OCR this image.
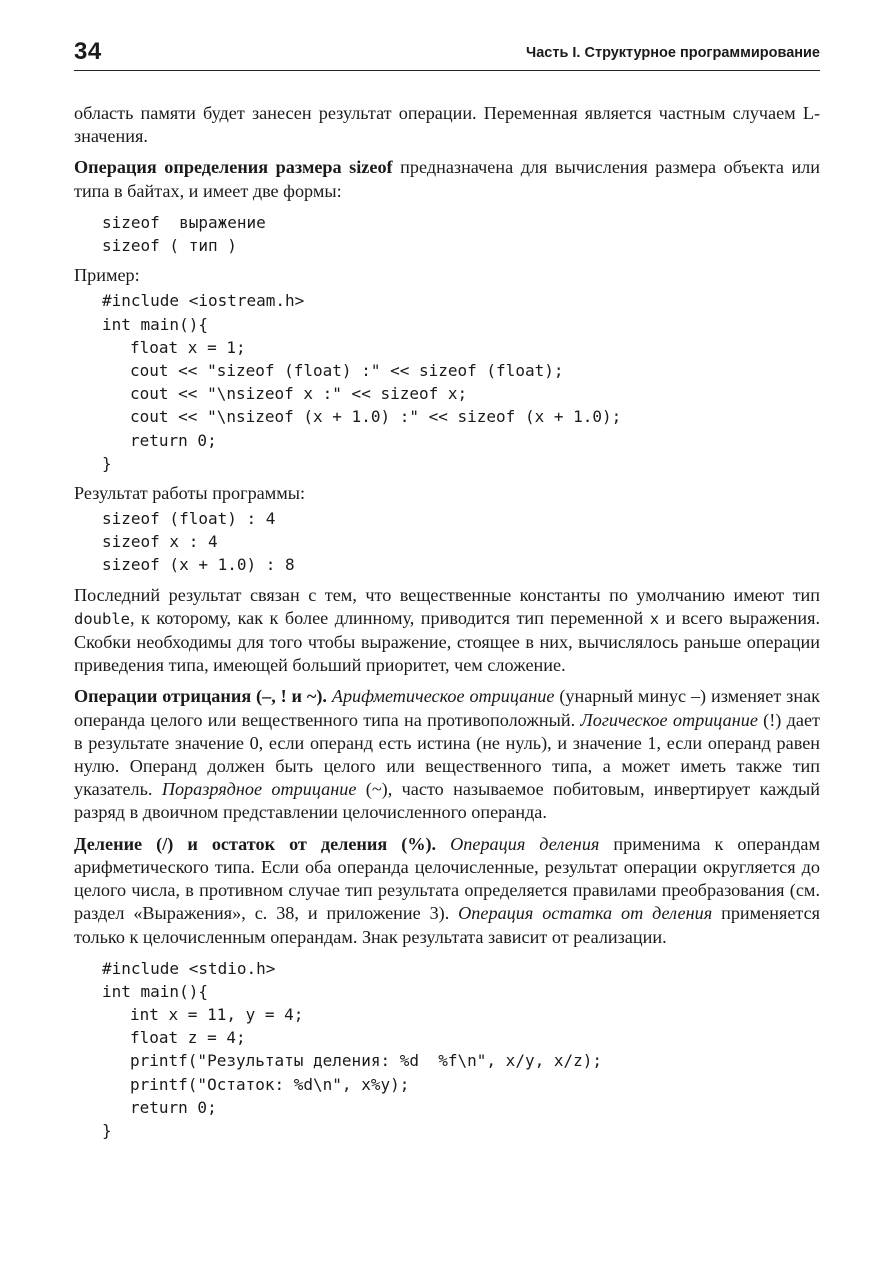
34	Часть I. Структурное программирование

область памяти будет занесен результат операции. Переменная является частным случаем L-значения.

Операция определения размера sizeof предназначена для вычисления размера объекта или типа в байтах, и имеет две формы:

sizeof  выражение
sizeof ( тип )

Пример:

#include <iostream.h>
int main(){
float x = 1;
cout << "sizeof (float) :" << sizeof (float);
cout << "\nsizeof x :" << sizeof x;
cout << "\nsizeof (x + 1.0) :" << sizeof (x + 1.0);
return 0;
}

Результат работы программы:

sizeof (float) : 4
sizeof x : 4
sizeof (x + 1.0) : 8

Последний результат связан с тем, что вещественные константы по умолчанию имеют тип double, к которому, как к более длинному, приводится тип переменной x и всего выражения. Скобки необходимы для того чтобы выражение, стоящее в них, вычислялось раньше операции приведения типа, имеющей больший приоритет, чем сложение.

Операции отрицания (–, ! и ~). Арифметическое отрицание (унарный минус –) изменяет знак операнда целого или вещественного типа на противоположный. Логическое отрицание (!) дает в результате значение 0, если операнд есть истина (не нуль), и значение 1, если операнд равен нулю. Операнд должен быть целого или вещественного типа, а может иметь также тип указатель. Поразрядное отрицание (~), часто называемое побитовым, инвертирует каждый разряд в двоичном представлении целочисленного операнда.

Деление (/) и остаток от деления (%). Операция деления применима к операндам арифметического типа. Если оба операнда целочисленные, результат операции округляется до целого числа, в противном случае тип результата определяется правилами преобразования (см. раздел «Выражения», с. 38, и приложение 3). Операция остатка от деления применяется только к целочисленным операндам. Знак результата зависит от реализации.

#include <stdio.h>
int main(){
int x = 11, y = 4;
float z = 4;
printf("Результаты деления: %d  %f\n", x/y, x/z);
printf("Остаток: %d\n", x%y);
return 0;
}
